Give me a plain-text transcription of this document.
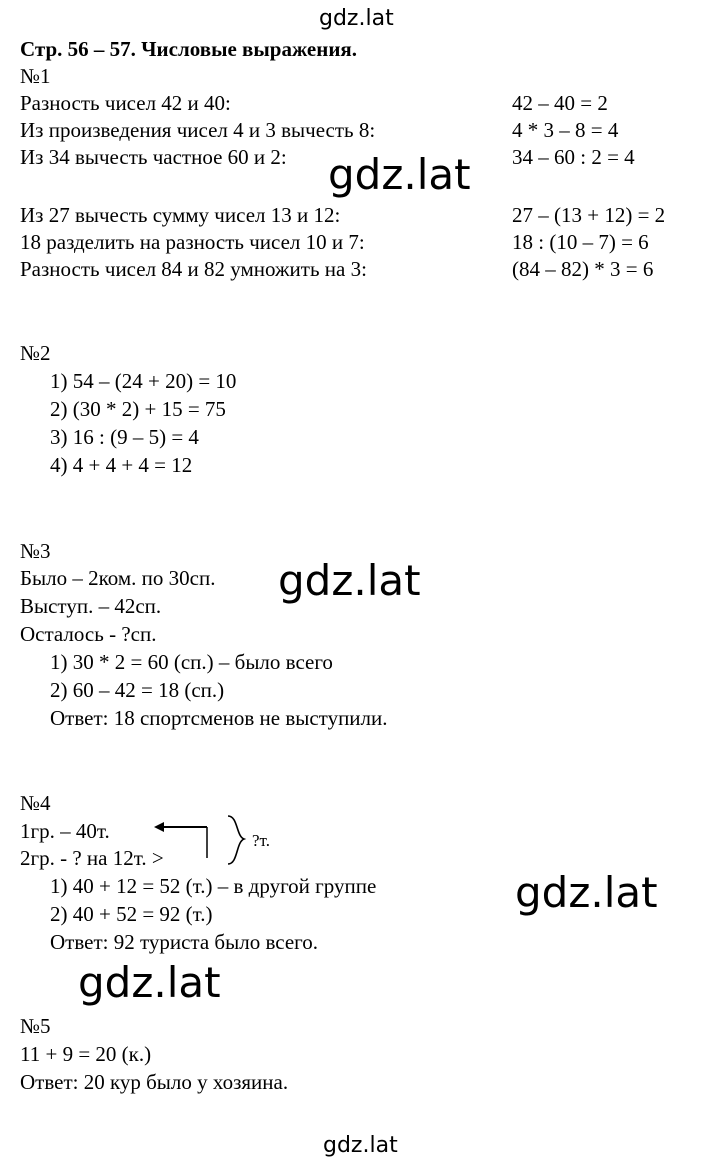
gdz.lat
Стр. 56 – 57. Числовые выражения.
№1
Разность чисел 42 и 40:	42 – 40 = 2
Из произведения чисел 4 и 3 вычесть 8:	4 * 3 – 8 = 4
Из 34 вычесть частное 60 и 2:	34 – 60 : 2 = 4
Из 27 вычесть сумму чисел 13 и 12:	27 – (13 + 12) = 2
18 разделить на разность чисел 10 и 7:	18 : (10 – 7) = 6
Разность чисел 84 и 82 умножить на 3:	(84 – 82) * 3 = 6
gdz.lat
№2
1) 54 – (24 + 20) = 10
2) (30 * 2) + 15 = 75
3) 16 : (9 – 5) = 4
4) 4 + 4 + 4 = 12
№3
Было – 2ком. по 30сп.
Выступ. – 42сп.
Осталось - ?сп.
1) 30 * 2 = 60 (сп.) – было всего
2) 60 – 42 = 18 (сп.)
Ответ: 18 спортсменов не выступили.
gdz.lat
№4
1гр. – 40т.
2гр. - ? на 12т. >
?т.
1) 40 + 12 = 52 (т.) – в другой группе
2) 40 + 52 = 92 (т.)
Ответ: 92 туриста было всего.
gdz.lat
gdz.lat
№5
11 + 9 = 20 (к.)
Ответ: 20 кур было у хозяина.
gdz.lat
